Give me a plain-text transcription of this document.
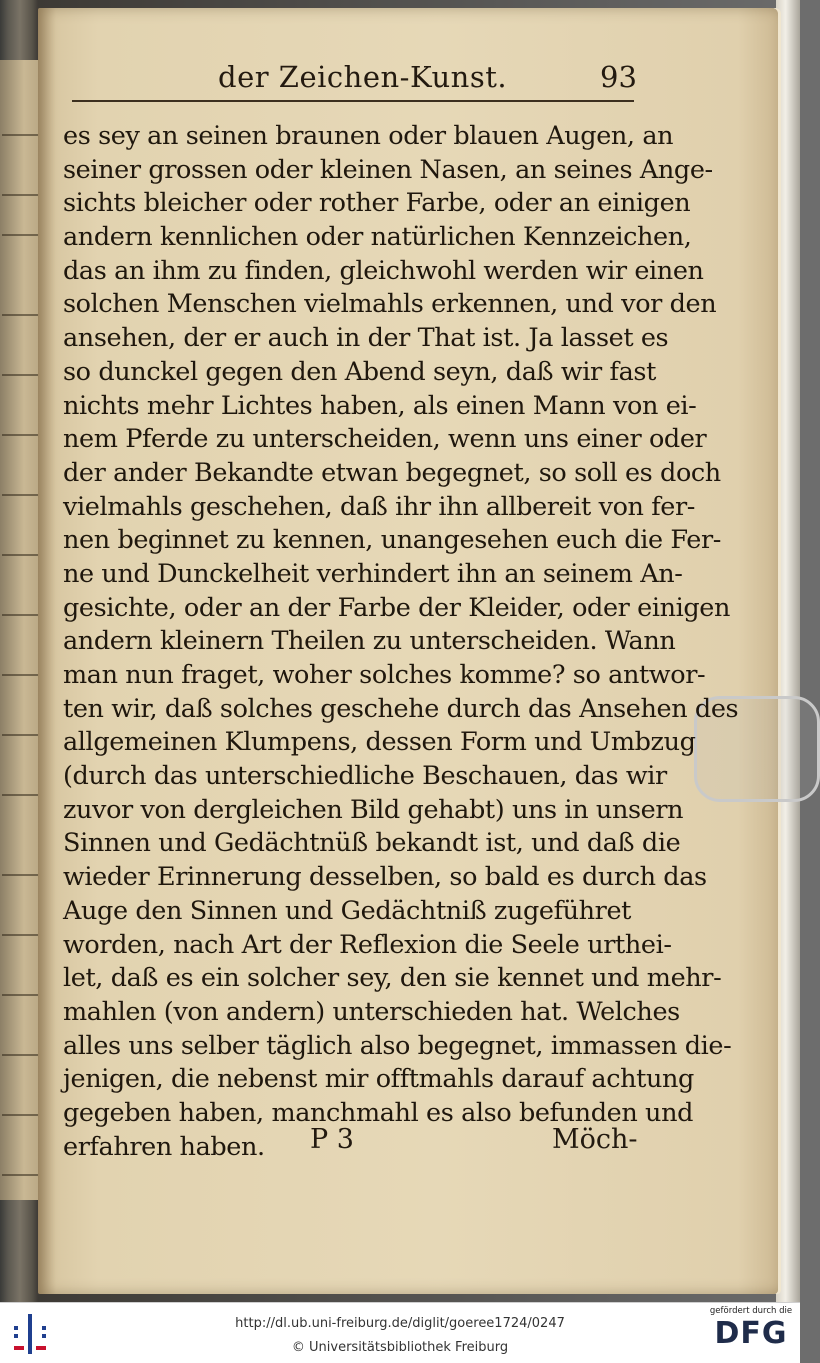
der Zeichen-Kunst.	93
es sey an seinen braunen oder blauen Augen, an
seiner grossen oder kleinen Nasen, an seines Ange-
sichts bleicher oder rother Farbe, oder an einigen
andern kennlichen oder natürlichen Kennzeichen,
das an ihm zu finden, gleichwohl werden wir einen
solchen Menschen vielmahls erkennen, und vor den
ansehen, der er auch in der That ist. Ja lasset es
so dunckel gegen den Abend seyn, daß wir fast
nichts mehr Lichtes haben, als einen Mann von ei-
nem Pferde zu unterscheiden, wenn uns einer oder
der ander Bekandte etwan begegnet, so soll es doch
vielmahls geschehen, daß ihr ihn allbereit von fer-
nen beginnet zu kennen, unangesehen euch die Fer-
ne und Dunckelheit verhindert ihn an seinem An-
gesichte, oder an der Farbe der Kleider, oder einigen
andern kleinern Theilen zu unterscheiden. Wann
man nun fraget, woher solches komme? so antwor-
ten wir, daß solches geschehe durch das Ansehen des
allgemeinen Klumpens, dessen Form und Umbzug
(durch das unterschiedliche Beschauen, das wir
zuvor von dergleichen Bild gehabt) uns in unsern
Sinnen und Gedächtnüß bekandt ist, und daß die
wieder Erinnerung desselben, so bald es durch das
Auge den Sinnen und Gedächtniß zugeführet
worden, nach Art der Reflexion die Seele urthei-
let, daß es ein solcher sey, den sie kennet und mehr-
mahlen (von andern) unterschieden hat. Welches
alles uns selber täglich also begegnet, immassen die-
jenigen, die nebenst mir offtmahls darauf achtung
gegeben haben, manchmahl es also befunden und
erfahren haben.	P 3	Möch-
http://dl.ub.uni-freiburg.de/diglit/goeree1724/0247
© Universitätsbibliothek Freiburg
gefördert durch die
DFG
